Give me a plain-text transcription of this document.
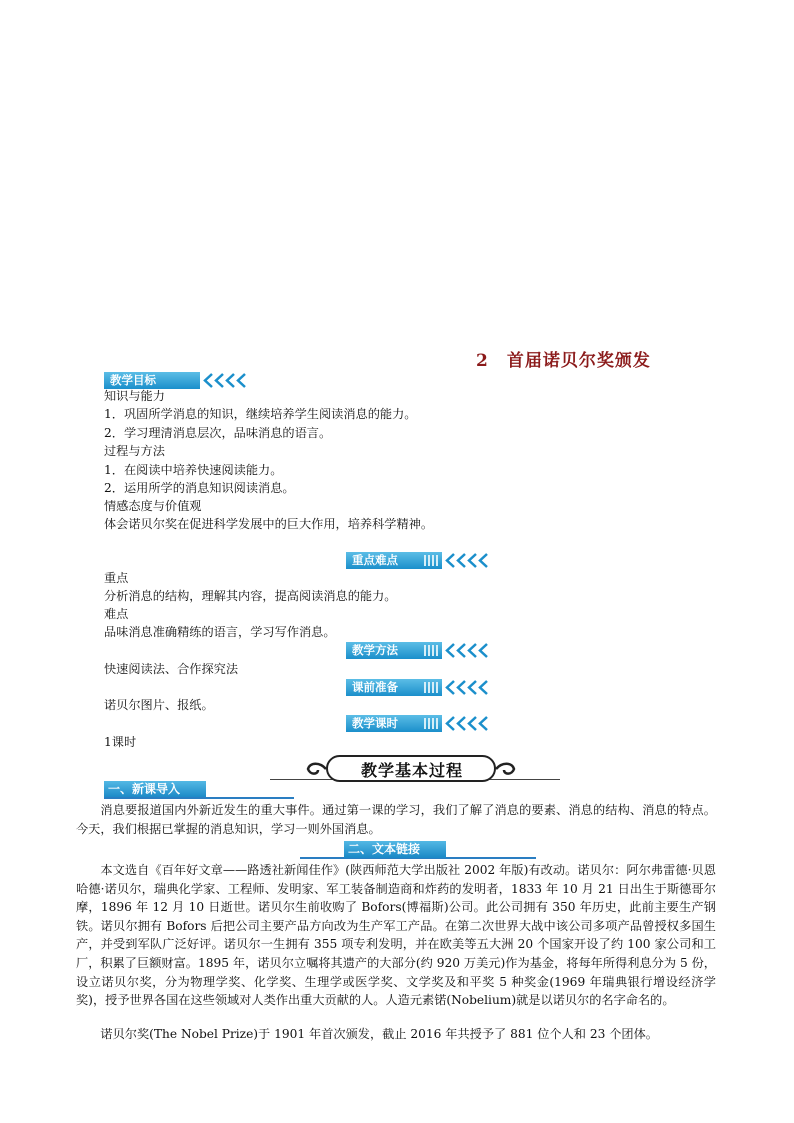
2　首届诺贝尔奖颁发
教学目标
知识与能力
1．巩固所学消息的知识，继续培养学生阅读消息的能力。
2．学习理清消息层次，品味消息的语言。
过程与方法
1．在阅读中培养快速阅读能力。
2．运用所学的消息知识阅读消息。
情感态度与价值观
体会诺贝尔奖在促进科学发展中的巨大作用，培养科学精神。
重点难点
重点
分析消息的结构，理解其内容，提高阅读消息的能力。
难点
品味消息准确精练的语言，学习写作消息。
教学方法
快速阅读法、合作探究法
课前准备
诺贝尔图片、报纸。
教学课时
1课时
教学基本过程
一、新课导入
消息要报道国内外新近发生的重大事件。通过第一课的学习，我们了解了消息的要素、消息的结构、消息的特点。今天，我们根据已掌握的消息知识，学习一则外国消息。
二、文本链接
本文选自《百年好文章——路透社新闻佳作》(陕西师范大学出版社 2002 年版)有改动。诺贝尔：阿尔弗雷德·贝恩哈德·诺贝尔，瑞典化学家、工程师、发明家、军工装备制造商和炸药的发明者，1833 年 10 月 21 日出生于斯德哥尔摩，1896 年 12 月 10 日逝世。诺贝尔生前收购了 Bofors(博福斯)公司。此公司拥有 350 年历史，此前主要生产钢铁。诺贝尔拥有 Bofors 后把公司主要产品方向改为生产军工产品。在第二次世界大战中该公司多项产品曾授权多国生产，并受到军队广泛好评。诺贝尔一生拥有 355 项专利发明，并在欧美等五大洲 20 个国家开设了约 100 家公司和工厂，积累了巨额财富。1895 年，诺贝尔立嘱将其遗产的大部分(约 920 万美元)作为基金，将每年所得利息分为 5 份，设立诺贝尔奖，分为物理学奖、化学奖、生理学或医学奖、文学奖及和平奖 5 种奖金(1969 年瑞典银行增设经济学奖)，授予世界各国在这些领域对人类作出重大贡献的人。人造元素锘(Nobelium)就是以诺贝尔的名字命名的。
诺贝尔奖(The Nobel Prize)于 1901 年首次颁发，截止 2016 年共授予了 881 位个人和 23 个团体。
